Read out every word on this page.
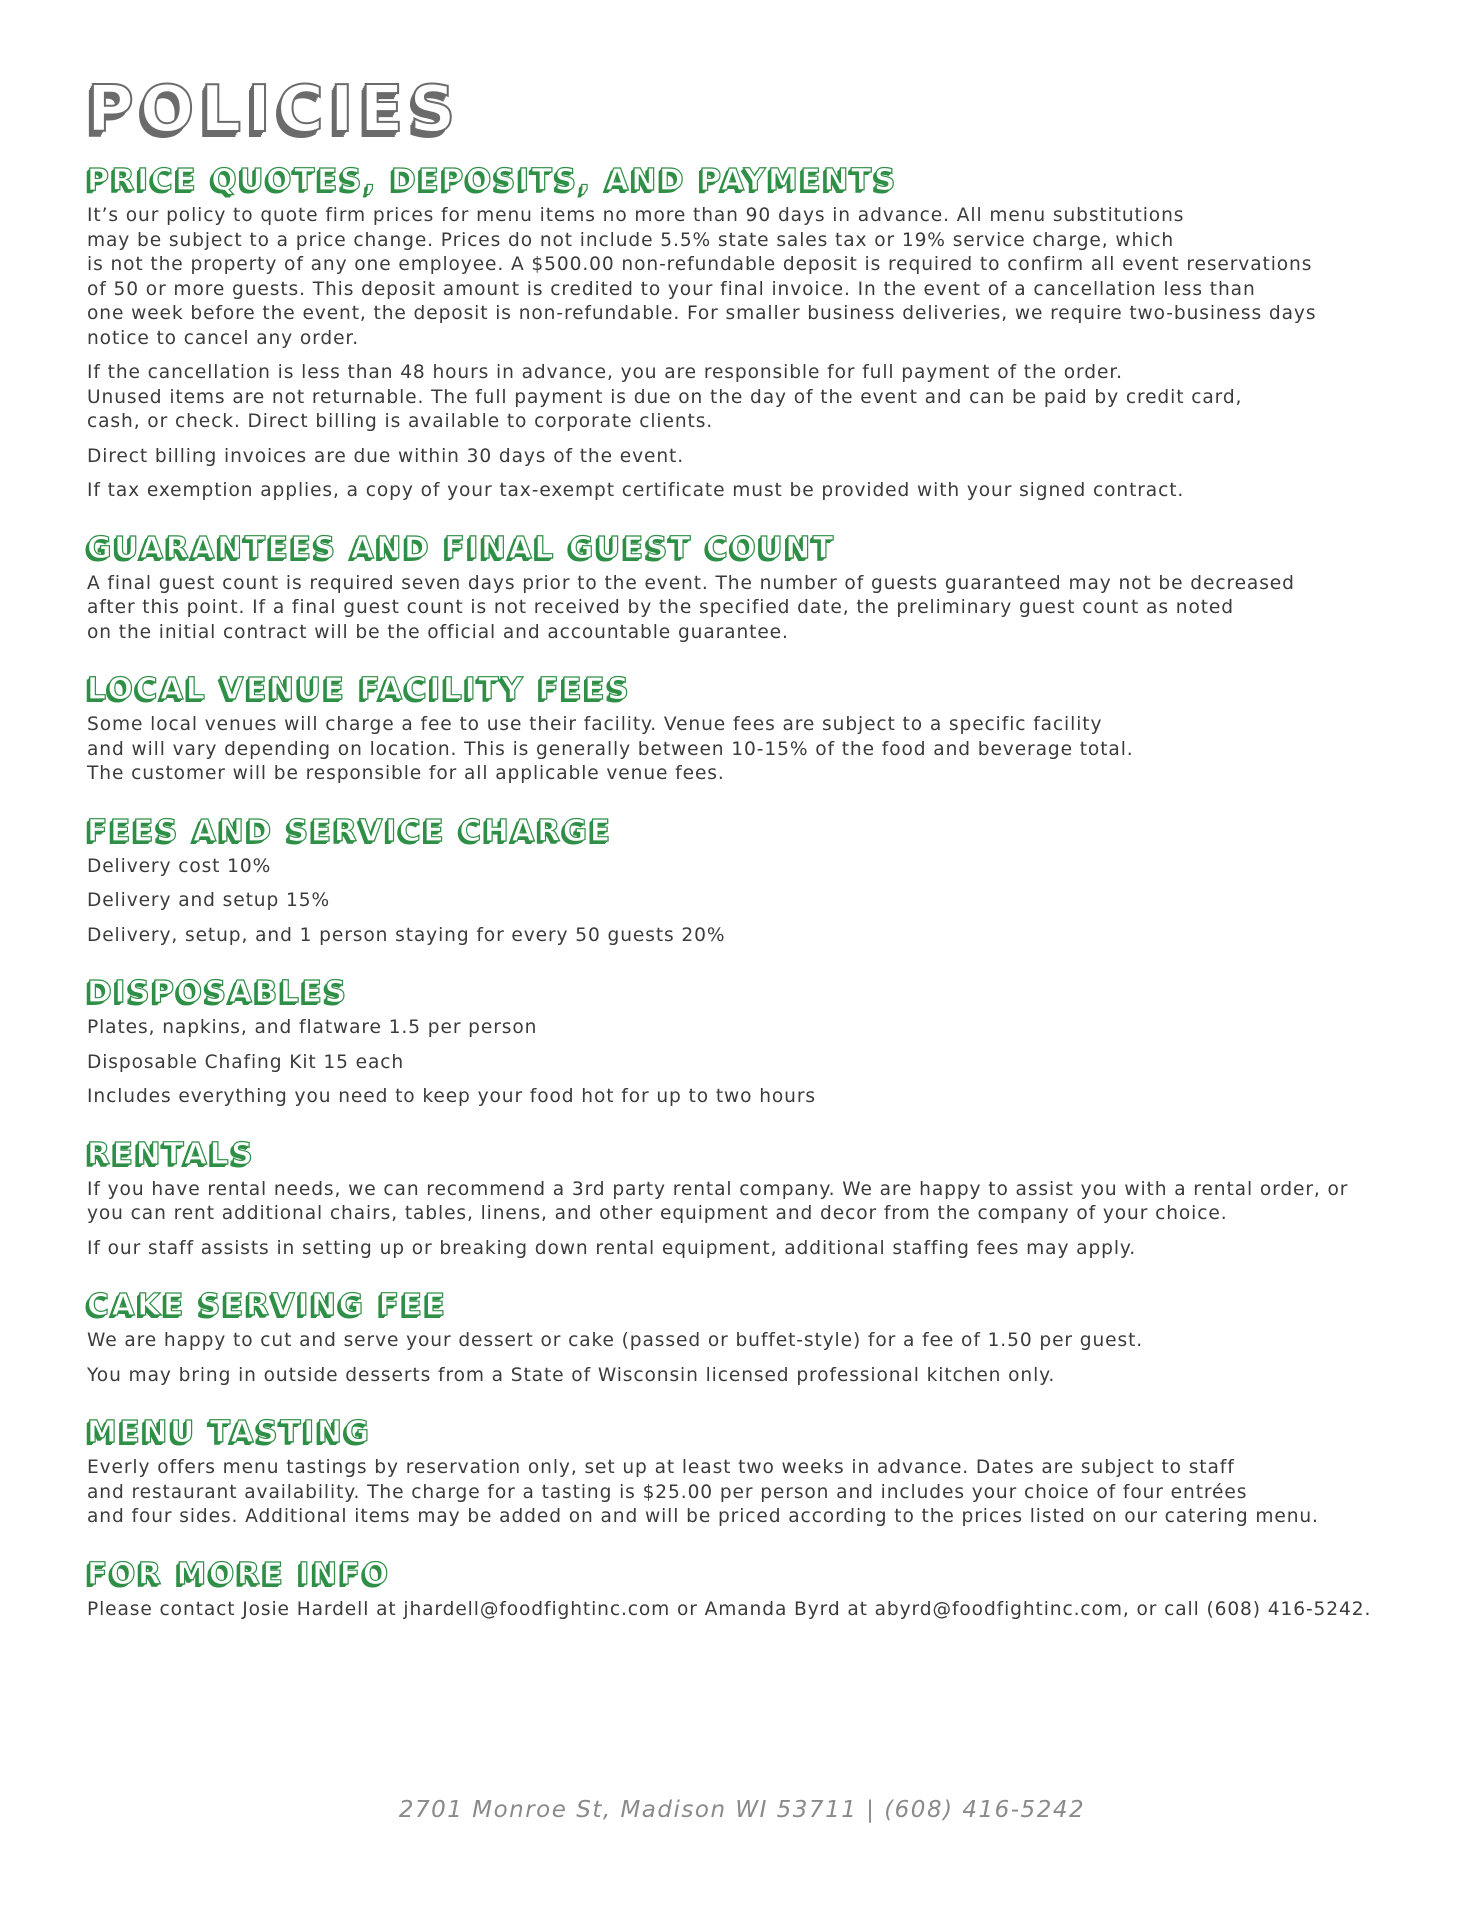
POLICIES
PRICE QUOTES, DEPOSITS, AND PAYMENTS

It’s our policy to quote firm prices for menu items no more than 90 days in advance. All menu substitutions
may be subject to a price change. Prices do not include 5.5% state sales tax or 19% service charge, which
is not the property of any one employee. A $500.00 non-refundable deposit is required to confirm all event reservations
of 50 or more guests. This deposit amount is credited to your final invoice. In the event of a cancellation less than
one week before the event, the deposit is non-refundable. For smaller business deliveries, we require two-business days
notice to cancel any order.

If the cancellation is less than 48 hours in advance, you are responsible for full payment of the order.
Unused items are not returnable. The full payment is due on the day of the event and can be paid by credit card,
cash, or check. Direct billing is available to corporate clients.

Direct billing invoices are due within 30 days of the event.

If tax exemption applies, a copy of your tax-exempt certificate must be provided with your signed contract.

GUARANTEES AND FINAL GUEST COUNT

A final guest count is required seven days prior to the event. The number of guests guaranteed may not be decreased
after this point. If a final guest count is not received by the specified date, the preliminary guest count as noted
on the initial contract will be the official and accountable guarantee.

LOCAL VENUE FACILITY FEES

Some local venues will charge a fee to use their facility. Venue fees are subject to a specific facility
and will vary depending on location. This is generally between 10-15% of the food and beverage total.
The customer will be responsible for all applicable venue fees.

FEES AND SERVICE CHARGE

Delivery cost 10%

Delivery and setup 15%

Delivery, setup, and 1 person staying for every 50 guests 20%

DISPOSABLES

Plates, napkins, and flatware 1.5 per person

Disposable Chafing Kit 15 each

Includes everything you need to keep your food hot for up to two hours

RENTALS

If you have rental needs, we can recommend a 3rd party rental company. We are happy to assist you with a rental order, or
you can rent additional chairs, tables, linens, and other equipment and decor from the company of your choice.

If our staff assists in setting up or breaking down rental equipment, additional staffing fees may apply.

CAKE SERVING FEE

We are happy to cut and serve your dessert or cake (passed or buffet-style) for a fee of 1.50 per guest.

You may bring in outside desserts from a State of Wisconsin licensed professional kitchen only.

MENU TASTING

Everly offers menu tastings by reservation only, set up at least two weeks in advance. Dates are subject to staff
and restaurant availability. The charge for a tasting is $25.00 per person and includes your choice of four entrées
and four sides. Additional items may be added on and will be priced according to the prices listed on our catering menu.

FOR MORE INFO

Please contact Josie Hardell at jhardell@foodfightinc.com or Amanda Byrd at abyrd@foodfightinc.com, or call (608) 416-5242.

2701 Monroe St, Madison WI 53711 | (608) 416-5242
